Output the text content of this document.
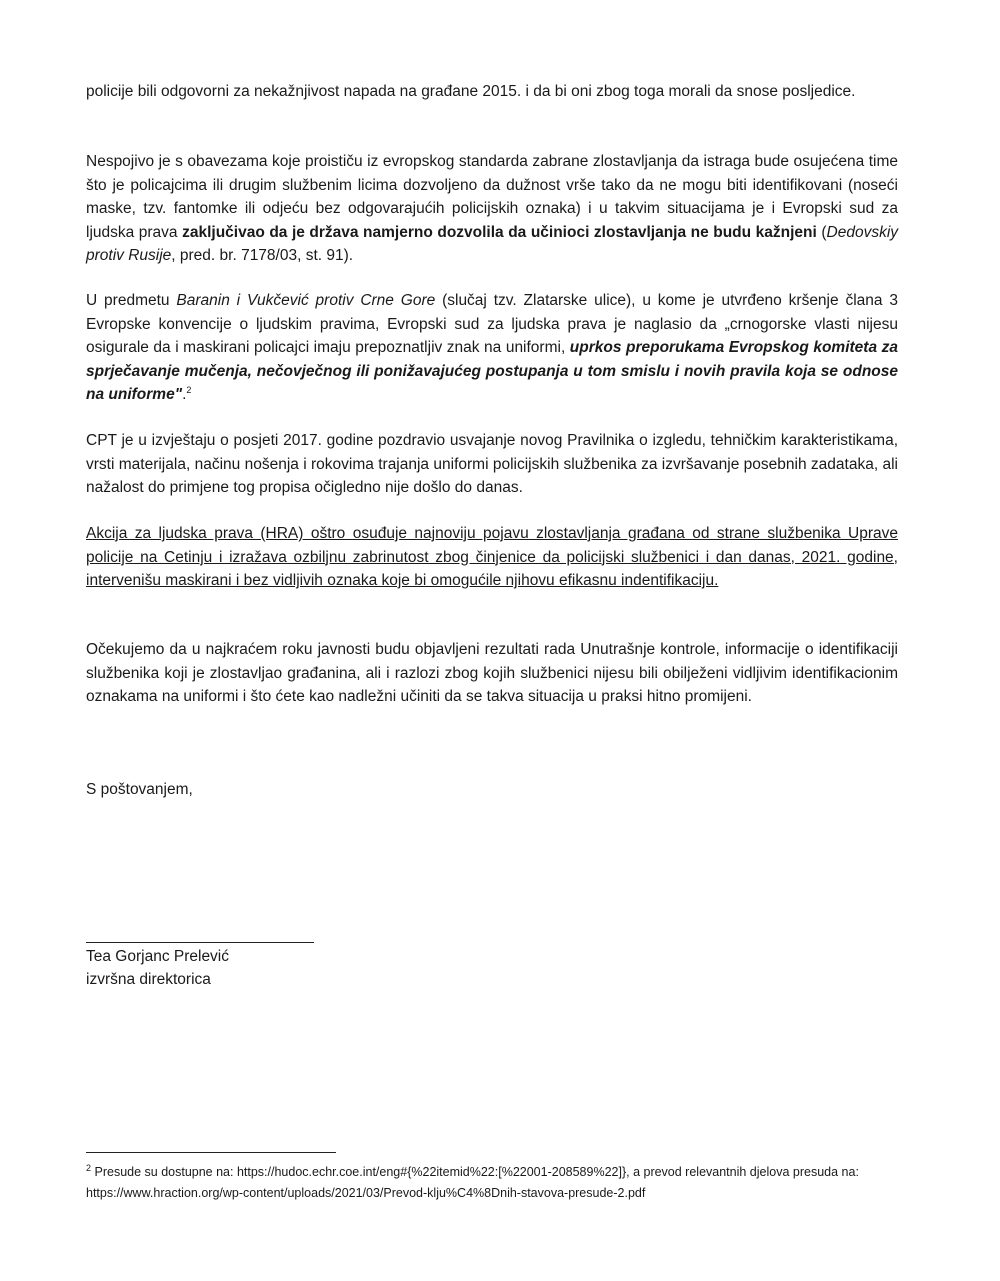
policije bili odgovorni za nekažnjivost napada na građane 2015. i da bi oni zbog toga morali da snose posljedice.

Nespojivo je s obavezama koje proističu iz evropskog standarda zabrane zlostavljanja da istraga bude osujećena time što je policajcima ili drugim službenim licima dozvoljeno da dužnost vrše tako da ne mogu biti identifikovani (noseći maske, tzv. fantomke ili odjeću bez odgovarajućih policijskih oznaka) i u takvim situacijama je i Evropski sud za ljudska prava zaključivao da je država namjerno dozvolila da učinioci zlostavljanja ne budu kažnjeni (Dedovskiy protiv Rusije, pred. br. 7178/03, st. 91).

U predmetu Baranin i Vukčević protiv Crne Gore (slučaj tzv. Zlatarske ulice), u kome je utvrđeno kršenje člana 3 Evropske konvencije o ljudskim pravima, Evropski sud za ljudska prava je naglasio da „crnogorske vlasti nijesu osigurale da i maskirani policajci imaju prepoznatljiv znak na uniformi, uprkos preporukama Evropskog komiteta za sprječavanje mučenja, nečovječnog ili ponižavajućeg postupanja u tom smislu i novih pravila koja se odnose na uniforme".$^2$

CPT je u izvještaju o posjeti 2017. godine pozdravio usvajanje novog Pravilnika o izgledu, tehničkim karakteristikama, vrsti materijala, načinu nošenja i rokovima trajanja uniformi policijskih službenika za izvršavanje posebnih zadataka, ali nažalost do primjene tog propisa očigledno nije došlo do danas.

Akcija za ljudska prava (HRA) oštro osuđuje najnoviju pojavu zlostavljanja građana od strane službenika Uprave policije na Cetinju i izražava ozbiljnu zabrinutost zbog činjenice da policijski službenici i dan danas, 2021. godine, intervenišu maskirani i bez vidljivih oznaka koje bi omogućile njihovu efikasnu indentifikaciju.

Očekujemo da u najkraćem roku javnosti budu objavljeni rezultati rada Unutrašnje kontrole, informacije o identifikaciji službenika koji je zlostavljao građanina, ali i razlozi zbog kojih službenici nijesu bili obilježeni vidljivim identifikacionim oznakama na uniformi i što ćete kao nadležni učiniti da se takva situacija u praksi hitno promijeni.

S poštovanjem,
Tea Gorjanc Prelević
izvršna direktorica

$^2$ Presude su dostupne na: https://hudoc.echr.coe.int/eng#{%22itemid%22:[%22001-208589%22]}, a prevod relevantnih djelova presuda na: https://www.hraction.org/wp-content/uploads/2021/03/Prevod-klju%C4%8Dnih-stavova-presude-2.pdf
